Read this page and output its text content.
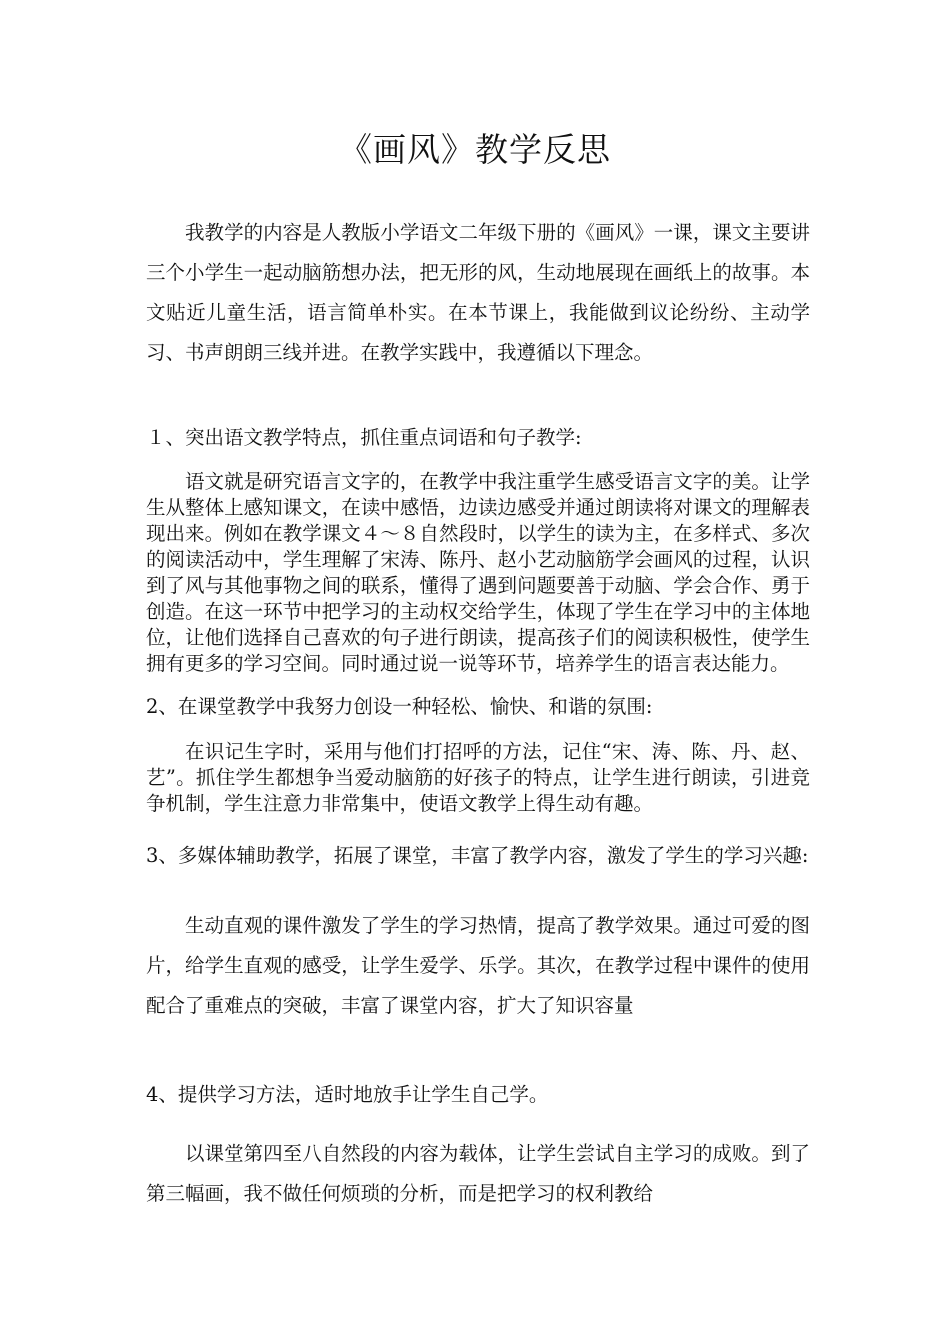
《画风》教学反思

我教学的内容是人教版小学语文二年级下册的《画风》一课，课文主要讲三个小学生一起动脑筋想办法，把无形的风，生动地展现在画纸上的故事。本文贴近儿童生活，语言简单朴实。在本节课上，我能做到议论纷纷、主动学习、书声朗朗三线并进。在教学实践中，我遵循以下理念。

１、突出语文教学特点，抓住重点词语和句子教学:

语文就是研究语言文字的，在教学中我注重学生感受语言文字的美。让学生从整体上感知课文，在读中感悟，边读边感受并通过朗读将对课文的理解表现出来。例如在教学课文４～８自然段时，以学生的读为主，在多样式、多次的阅读活动中，学生理解了宋涛、陈丹、赵小艺动脑筋学会画风的过程，认识到了风与其他事物之间的联系，懂得了遇到问题要善于动脑、学会合作、勇于创造。在这一环节中把学习的主动权交给学生，体现了学生在学习中的主体地位，让他们选择自己喜欢的句子进行朗读，提高孩子们的阅读积极性，使学生拥有更多的学习空间。同时通过说一说等环节，培养学生的语言表达能力。

2、在课堂教学中我努力创设一种轻松、愉快、和谐的氛围:

在识记生字时，采用与他们打招呼的方法，记住“宋、涛、陈、丹、赵、艺”。抓住学生都想争当爱动脑筋的好孩子的特点，让学生进行朗读，引进竞争机制，学生注意力非常集中，使语文教学上得生动有趣。

3、多媒体辅助教学，拓展了课堂，丰富了教学内容，激发了学生的学习兴趣:

生动直观的课件激发了学生的学习热情，提高了教学效果。通过可爱的图片，给学生直观的感受，让学生爱学、乐学。其次，在教学过程中课件的使用配合了重难点的突破，丰富了课堂内容，扩大了知识容量

4、提供学习方法，适时地放手让学生自己学。

以课堂第四至八自然段的内容为载体，让学生尝试自主学习的成败。到了第三幅画，我不做任何烦琐的分析，而是把学习的权利教给
